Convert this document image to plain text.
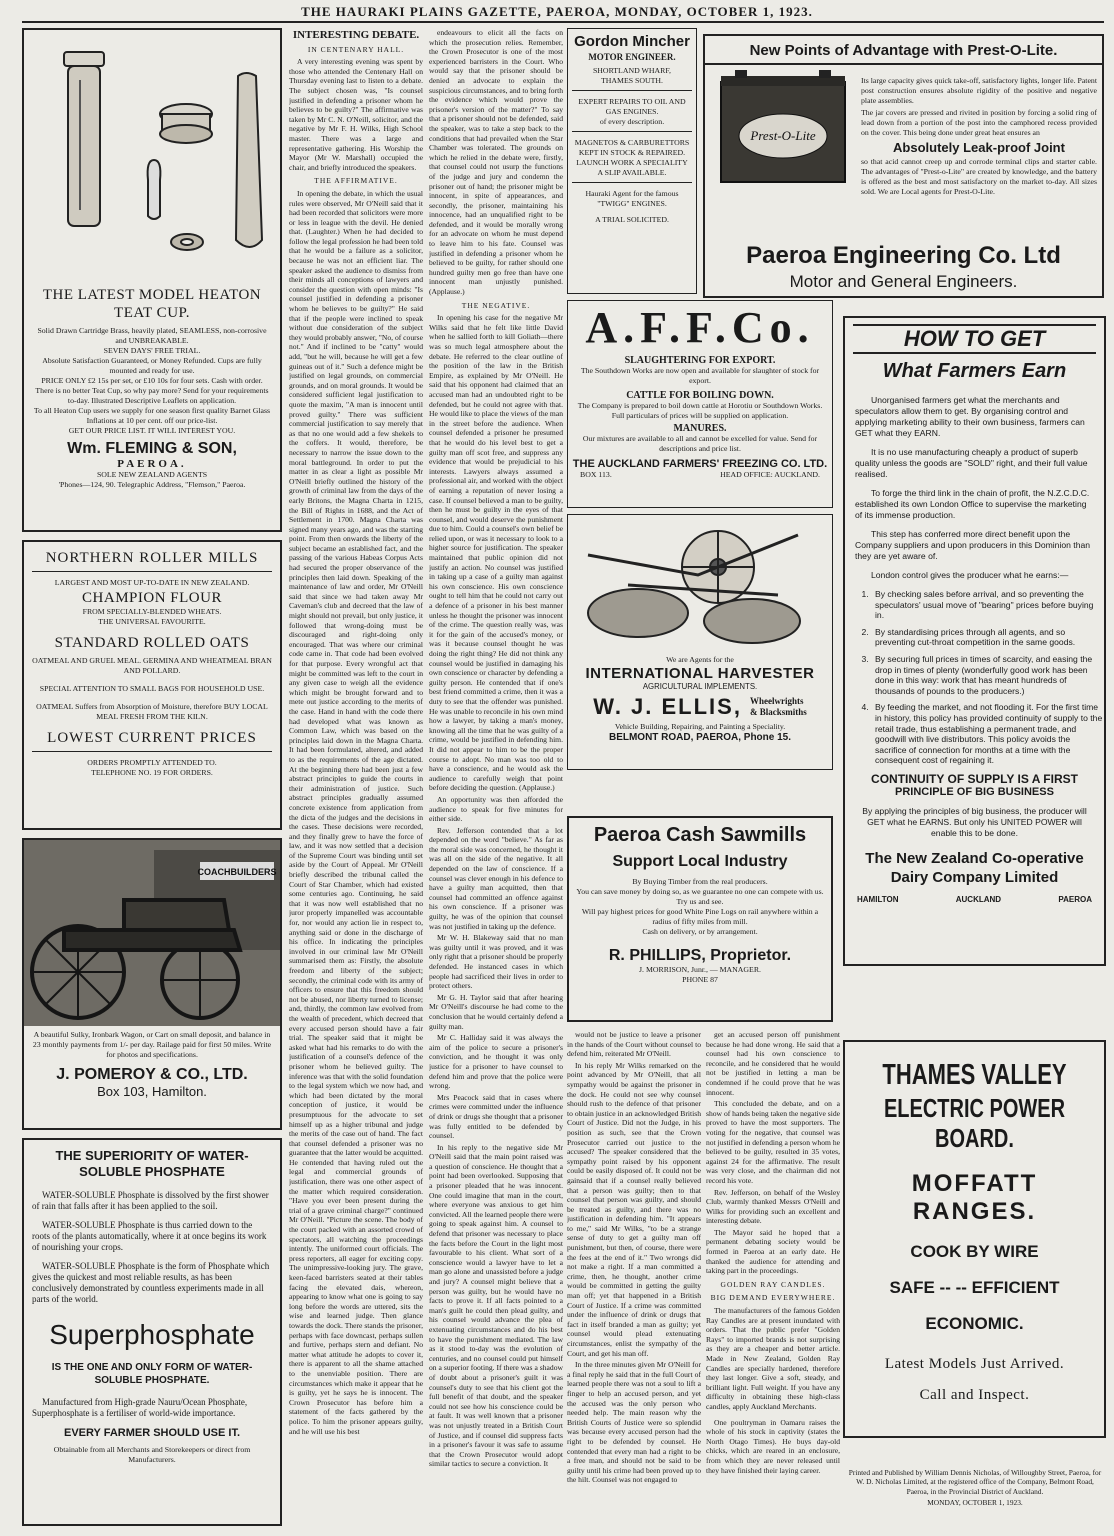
THE HAURAKI PLAINS GAZETTE, PAEROA, MONDAY, OCTOBER 1, 1923.
THE LATEST MODEL HEATON TEAT CUP.
Solid Drawn Cartridge Brass, heavily plated, SEAMLESS, non-corrosive and UNBREAKABLE.
SEVEN DAYS' FREE TRIAL.
Absolute Satisfaction Guaranteed, or Money Refunded. Cups are fully mounted and ready for use.
PRICE ONLY £2 15s per set, or £10 10s for four sets. Cash with order.
There is no better Teat Cup, so why pay more? Send for your requirements to-day. Illustrated Descriptive Leaflets on application.
To all Heaton Cup users we supply for one season first quality Barnet Glass Inflations at 10 per cent. off our price-list.
GET OUR PRICE LIST. IT WILL INTEREST YOU.
Wm. FLEMING & SON,
PAEROA.
SOLE NEW ZEALAND AGENTS
'Phones—124, 90. Telegraphic Address, "Flemson," Paeroa.
NORTHERN ROLLER MILLS
LARGEST AND MOST UP-TO-DATE IN NEW ZEALAND.
CHAMPION FLOUR
FROM SPECIALLY-BLENDED WHEATS.
THE UNIVERSAL FAVOURITE.
STANDARD ROLLED OATS
OATMEAL AND GRUEL MEAL. GERMINA AND WHEATMEAL BRAN AND POLLARD.
SPECIAL ATTENTION TO SMALL BAGS FOR HOUSEHOLD USE.
OATMEAL Suffers from Absorption of Moisture, therefore BUY LOCAL MEAL FRESH FROM THE KILN.
LOWEST CURRENT PRICES
ORDERS PROMPTLY ATTENDED TO.
TELEPHONE NO. 19 FOR ORDERS.
COACHBUILDERS
A beautiful Sulky, Ironbark Wagon, or Cart on small deposit, and balance in 23 monthly payments from 1/- per day. Railage paid for first 50 miles. Write for photos and specifications.
J. POMEROY & CO., LTD.
Box 103, Hamilton.
THE SUPERIORITY OF WATER-SOLUBLE PHOSPHATE
WATER-SOLUBLE Phosphate is dissolved by the first shower of rain that falls after it has been applied to the soil.
WATER-SOLUBLE Phosphate is thus carried down to the roots of the plants automatically, where it at once begins its work of nourishing your crops.
WATER-SOLUBLE Phosphate is the form of Phosphate which gives the quickest and most reliable results, as has been conclusively demonstrated by countless experiments made in all parts of the world.
Superphosphate
IS THE ONE AND ONLY FORM OF WATER-SOLUBLE PHOSPHATE.
Manufactured from High-grade Nauru/Ocean Phosphate, Superphosphate is a fertiliser of world-wide importance.
EVERY FARMER SHOULD USE IT.
Obtainable from all Merchants and Storekeepers or direct from Manufacturers.
INTERESTING DEBATE.
IN CENTENARY HALL.

A very interesting evening was spent by those who attended the Centenary Hall on Thursday evening last to listen to a debate. The subject chosen was, "Is counsel justified in defending a prisoner whom he believes to be guilty?" The affirmative was taken by Mr C. N. O'Neill, solicitor, and the negative by Mr F. H. Wilks, High School master. There was a large and representative gathering. His Worship the Mayor (Mr W. Marshall) occupied the chair, and briefly introduced the speakers.

THE AFFIRMATIVE.

In opening the debate, in which the usual rules were observed, Mr O'Neill said that it had been recorded that solicitors were more or less in league with the devil. He denied that. (Laughter.) When he had decided to follow the legal profession he had been told that he would be a failure as a solicitor, because he was not an efficient liar. The speaker asked the audience to dismiss from their minds all conceptions of lawyers and consider the question with open minds: "Is counsel justified in defending a prisoner whom he believes to be guilty?" He said that if the people were inclined to speak without due consideration of the subject they would probably answer, "No, of course not." And if inclined to be "catty" would add, "but he will, because he will get a few guineas out of it." Such a defence might be justified on legal grounds, on commercial grounds, and on moral grounds. It would be considered sufficient legal justification to quote the maxim, "A man is innocent until proved guilty." There was sufficient commercial justification to say merely that as that no one would add a few shekels to the coffers. It would, therefore, be necessary to narrow the issue down to the moral battleground. In order to put the matter in as clear a light as possible Mr O'Neill briefly outlined the history of the growth of criminal law from the days of the early Britons, the Magna Charta in 1215, the Bill of Rights in 1688, and the Act of Settlement in 1700. Magna Charta was signed many years ago, and was the starting point. From then onwards the liberty of the subject became an established fact, and the passing of the various Habeas Corpus Acts had secured the proper observance of the principles then laid down. Speaking of the maintenance of law and order, Mr O'Neill said that since we had taken away Mr Caveman's club and decreed that the law of might should not prevail, but only justice, it followed that wrong-doing must be discouraged and right-doing only encouraged. That was where our criminal code came in. That code had been evolved for that purpose. Every wrongful act that might be committed was left to the court in any given case to weigh all the evidence which might be brought forward and to mete out justice according to the merits of the case. Hand in hand with the code there had developed what was known as Common Law, which was based on the principles laid down in the Magna Charta. It had been formulated, altered, and added to as the requirements of the age dictated. At the beginning there had been just a few abstract principles to guide the courts in their administration of justice. Such abstract principles gradually assumed concrete existence from application from the dicta of the judges and the decisions in the cases. These decisions were recorded, and they finally grew to have the force of law, and it was now settled that a decision of the Supreme Court was binding until set aside by the Court of Appeal. Mr O'Neill briefly described the tribunal called the Court of Star Chamber, which had existed some centuries ago. Continuing, he said that it was now well established that no juror properly impanelled was accountable for, nor would any action lie in respect to, anything said or done in the discharge of his office. In indicating the principles involved in our criminal law Mr O'Neill summarised them as: Firstly, the absolute freedom and liberty of the subject; secondly, the criminal code with its army of officers to ensure that this freedom should not be abused, nor liberty turned to license; and, thirdly, the common law evolved from the wealth of precedent, which decreed that every accused person should have a fair trial. The speaker said that it might be asked what had his remarks to do with the justification of a counsel's defence of the prisoner whom he believed guilty. The inference was that with the solid foundation to the legal system which we now had, and which had been dictated by the moral conception of justice, it would be presumptuous for the advocate to set himself up as a higher tribunal and judge the merits of the case out of hand. The fact that counsel defended a prisoner was no guarantee that the latter would be acquitted. He contended that having ruled out the legal and commercial grounds of justification, there was one other aspect of the matter which required consideration. "Have you ever been present during the trial of a grave criminal charge?" continued Mr O'Neill. "Picture the scene. The body of the court packed with an assorted crowd of spectators, all watching the proceedings intently. The uniformed court officials. The press reporters, all eager for exciting copy. The unimpressive-looking jury. The grave, keen-faced barristers seated at their tables facing the elevated dais, whereon, appearing to know what one is going to say long before the words are uttered, sits the wise and learned judge. Then glance towards the dock. There stands the prisoner, perhaps with face downcast, perhaps sullen and furtive, perhaps stern and defiant. No matter what attitude he adopts to cover it, there is apparent to all the shame attached to the unenviable position. There are circumstances which make it appear that he is guilty, yet he says he is innocent. The Crown Prosecutor has before him a statement of the facts gathered by the police. To him the prisoner appears guilty, and he will use his best

endeavours to elicit all the facts on which the prosecution relies. Remember, the Crown Prosecutor is one of the most experienced barristers in the Court. Who would say that the prisoner should be denied an advocate to explain the suspicious circumstances, and to bring forth the evidence which would prove the prisoner's version of the matter?" To say that a prisoner should not be defended, said the speaker, was to take a step back to the conditions that had prevailed when the Star Chamber was tolerated. The grounds on which he relied in the debate were, firstly, that counsel could not usurp the functions of the judge and jury and condemn the prisoner out of hand; the prisoner might be innocent, in spite of appearances, and secondly, the prisoner, maintaining his innocence, had an unqualified right to be defended, and it would be morally wrong for an advocate on whom he must depend to leave him to his fate. Counsel was justified in defending a prisoner whom he believed to be guilty, for rather should one hundred guilty men go free than have one innocent man unjustly punished. (Applause.)

THE NEGATIVE.

In opening his case for the negative Mr Wilks said that he felt like little David when he sallied forth to kill Goliath—there was so much legal atmosphere about the debate. He referred to the clear outline of the position of the law in the British Empire, as explained by Mr O'Neill. He said that his opponent had claimed that an accused man had an undoubted right to be defended, but he could not agree with that. He would like to place the views of the man in the street before the audience. When counsel defended a prisoner he presumed that he would do his level best to get a guilty man off scot free, and suppress any evidence that would be prejudicial to his interests. Lawyers always assumed a professional air, and worked with the object of earning a reputation of never losing a case. If counsel believed a man to be guilty, then he must be guilty in the eyes of that counsel, and would deserve the punishment due to him. Could a counsel's own belief be relied upon, or was it necessary to look to a higher source for justification. The speaker maintained that public opinion did not justify an action. No counsel was justified in taking up a case of a guilty man against his own conscience. His own conscience ought to tell him that he could not carry out a defence of a prisoner in his best manner unless he thought the prisoner was innocent of the crime. The question really was, was it for the gain of the accused's money, or was it because counsel thought he was doing the right thing? He did not think any counsel would be justified in damaging his own conscience or character by defending a guilty person. He contended that if one's best friend committed a crime, then it was a duty to see that the offender was punished. He was unable to reconcile in his own mind how a lawyer, by taking a man's money, knowing all the time that he was guilty of a crime, would be justified in defending him. It did not appear to him to be the proper course to adopt. No man was too old to have a conscience, and he would ask the audience to carefully weigh that point before deciding the question. (Applause.)

An opportunity was then afforded the audience to speak for five minutes for either side.

Rev. Jefferson contended that a lot depended on the word "believe." As far as the moral side was concerned, he thought it was all on the side of the negative. It all depended on the law of conscience. If a counsel was clever enough in his defence to have a guilty man acquitted, then that counsel had committed an offence against his own conscience. If a prisoner was guilty, he was of the opinion that counsel was not justified in taking up the defence.

Mr W. H. Blakeway said that no man was guilty until it was proved, and it was only right that a prisoner should be properly defended. He instanced cases in which people had sacrificed their lives in order to protect others.

Mr G. H. Taylor said that after hearing Mr O'Neill's discourse he had come to the conclusion that he would certainly defend a guilty man.

Mr C. Halliday said it was always the aim of the police to secure a prisoner's conviction, and he thought it was only justice for a prisoner to have counsel to defend him and prove that the police were wrong.

Mrs Peacock said that in cases where crimes were committed under the influence of drink or drugs she thought that a prisoner was fully entitled to be defended by counsel.

In his reply to the negative side Mr O'Neill said that the main point raised was a question of conscience. He thought that a point had been overlooked. Supposing that a prisoner pleaded that he was innocent. One could imagine that man in the court, where everyone was anxious to get him convicted. All the learned people there were going to speak against him. A counsel to defend that prisoner was necessary to place the facts before the Court in the light most favourable to his client. What sort of a conscience would a lawyer have to let a man go alone and unassisted before a judge and jury? A counsel might believe that a person was guilty, but he would have no facts to prove it. If all facts pointed to a man's guilt he could then plead guilty, and his counsel would advance the plea of extenuating circumstances and do his best to have the punishment mediated. The law as it stood to-day was the evolution of centuries, and no counsel could put himself on a superior footing. If there was a shadow of doubt about a prisoner's guilt it was counsel's duty to see that his client got the full benefit of that doubt, and the speaker could not see how his conscience could be at fault. It was well known that a prisoner was not unjustly treated in a British Court of Justice, and if counsel did suppress facts in a prisoner's favour it was safe to assume that the Crown Prosecutor would adopt similar tactics to secure a conviction. It

would not be justice to leave a prisoner in the hands of the Court without counsel to defend him, reiterated Mr O'Neill.

In his reply Mr Wilks remarked on the point advanced by Mr O'Neill, that all sympathy would be against the prisoner in the dock. He could not see why counsel should rush to the defence of that prisoner to obtain justice in an acknowledged British Court of Justice. Did not the Judge, in his position as such, see that the Crown Prosecutor carried out justice to the accused? The speaker considered that the sympathy point raised by his opponent could be easily disposed of. It could not be gainsaid that if a counsel really believed that a person was guilty; then to that counsel that person was guilty, and should be treated as guilty, and there was no justification in defending him. "It appears to me," said Mr Wilks, "to be a strange sense of duty to get a guilty man off punishment, but then, of course, there were the fees at the end of it." Two wrongs did not make a right. If a man committed a crime, then, he thought, another crime would be committed in getting the guilty man off; yet that happened in a British Court of Justice. If a crime was committed under the influence of drink or drugs that fact in itself branded a man as guilty; yet counsel would plead extenuating circumstances, enlist the sympathy of the Court, and get his man off.

In the three minutes given Mr O'Neill for a final reply he said that in the full Court of learned people there was not a soul to lift a finger to help an accused person, and yet the accused was the only person who needed help. The main reason why the British Courts of Justice were so splendid was because every accused person had the right to be defended by counsel. He contended that every man had a right to be a free man, and should not be said to be guilty until his crime had been proved up to the hilt. Counsel was not engaged to

get an accused person off punishment because he had done wrong. He said that a counsel had his own conscience to reconcile, and he considered that he would not be justified in letting a man be condemned if he could prove that he was innocent.

This concluded the debate, and on a show of hands being taken the negative side proved to have the most supporters. The voting for the negative, that counsel was not justified in defending a person whom he believed to be guilty, resulted in 35 votes, against 24 for the affirmative. The result was very close, and the chairman did not record his vote.

Rev. Jefferson, on behalf of the Wesley Club, warmly thanked Messrs O'Neill and Wilks for providing such an excellent and interesting debate.

The Mayor said he hoped that a permanent debating society would be formed in Paeroa at an early date. He thanked the audience for attending and taking part in the proceedings.

GOLDEN RAY CANDLES.
BIG DEMAND EVERYWHERE.

The manufacturers of the famous Golden Ray Candles are at present inundated with orders. That the public prefer "Golden Rays" to imported brands is not surprising as they are a cheaper and better article. Made in New Zealand, Golden Ray Candles are specially hardened, therefore they last longer. Give a soft, steady, and brilliant light. Full weight. If you have any difficulty in obtaining these high-class candles, apply Auckland Merchants.

One poultryman in Oamaru raises the whole of his stock in captivity (states the North Otago Times). He buys day-old chicks, which are reared in an enclosure, from which they are never released until they have finished their laying career.

Gordon Mincher
MOTOR ENGINEER.
SHORTLAND WHARF,
THAMES SOUTH.
EXPERT REPAIRS TO OIL AND GAS ENGINES.
of every description.
MAGNETOS & CARBURETTORS KEPT IN STOCK & REPAIRED.
LAUNCH WORK A SPECIALITY
A SLIP AVAILABLE.
Hauraki Agent for the famous "TWIGG" ENGINES.
A TRIAL SOLICITED.
New Points of Advantage with Prest-O-Lite.
Prest-O-Lite
Its large capacity gives quick take-off, satisfactory lights, longer life. Patent post construction ensures absolute rigidity of the positive and negative plate assemblies.
The jar covers are pressed and rivited in position by forcing a solid ring of lead down from a portion of the post into the camphored recess provided on the cover. This being done under great heat ensures an
Absolutely Leak-proof Joint
so that acid cannot creep up and corrode terminal clips and starter cable. The advantages of "Prest-o-Lite" are created by knowledge, and the battery is offered as the best and most satisfactory on the market to-day. All sizes sold. We are Local agents for Prest-O-Lite.
Paeroa Engineering Co. Ltd
Motor and General Engineers.
A.F.F.Co.
SLAUGHTERING FOR EXPORT.
The Southdown Works are now open and available for slaughter of stock for export.
CATTLE FOR BOILING DOWN.
The Company is prepared to boil down cattle at Horotiu or Southdown Works. Full particulars of prices will be supplied on application.
MANURES.
Our mixtures are available to all and cannot be excelled for value. Send for descriptions and price list.
THE AUCKLAND FARMERS' FREEZING CO. LTD.
BOX 113.	HEAD OFFICE: AUCKLAND.
We are Agents for the
INTERNATIONAL HARVESTER
AGRICULTURAL IMPLEMENTS.
W. J. ELLIS, Wheelwrights
& Blacksmiths
Vehicle Building, Repairing, and Painting a Speciality.
BELMONT ROAD, PAEROA, Phone 15.
Paeroa Cash Sawmills
Support Local Industry
By Buying Timber from the real producers.
You can save money by doing so, as we guarantee no one can compete with us. Try us and see.
Will pay highest prices for good White Pine Logs on rail anywhere within a radius of fifty miles from mill.
Cash on delivery, or by arrangement.
R. PHILLIPS, Proprietor.
J. MORRISON, Junr., — MANAGER.
PHONE 87
HOW TO GET
What Farmers Earn
Unorganised farmers get what the merchants and speculators allow them to get. By organising control and applying marketing ability to their own business, farmers can GET what they EARN.
It is no use manufacturing cheaply a product of superb quality unless the goods are "SOLD" right, and their full value realised.
To forge the third link in the chain of profit, the N.Z.C.D.C. established its own London Office to supervise the marketing of its immense production.
This step has conferred more direct benefit upon the Company suppliers and upon producers in this Dominion than they are yet aware of.
London control gives the producer what he earns:—
1. By checking sales before arrival, and so preventing the speculators' usual move of "bearing" prices before buying in.
2. By standardising prices through all agents, and so preventing cut-throat competition in the same goods.
3. By securing full prices in times of scarcity, and easing the drop in times of plenty (wonderfully good work has been done in this way: work that has meant hundreds of thousands of pounds to the producers.)
4. By feeding the market, and not flooding it. For the first time in history, this policy has provided continuity of supply to the retail trade, thus establishing a permanent trade, and goodwill with live distributors. This policy avoids the sacrifice of connection for months at a time with the consequent cost of regaining it.
CONTINUITY OF SUPPLY IS A FIRST
PRINCIPLE OF BIG BUSINESS
By applying the principles of big business, the producer will GET what he EARNS. But only his UNITED POWER will enable this to be done.
The New Zealand Co-operative Dairy Company Limited
HAMILTON	AUCKLAND	PAEROA
THAMES VALLEY
ELECTRIC POWER BOARD.
MOFFATT RANGES.
COOK BY WIRE
SAFE -- -- EFFICIENT
ECONOMIC.
Latest Models Just Arrived.
Call and Inspect.
Printed and Published by William Dennis Nicholas, of Willoughby Street, Paeroa, for W. D. Nicholas Limited, at the registered office of the Company, Belmont Road, Paeroa, in the Provincial District of Auckland.
MONDAY, OCTOBER 1, 1923.
